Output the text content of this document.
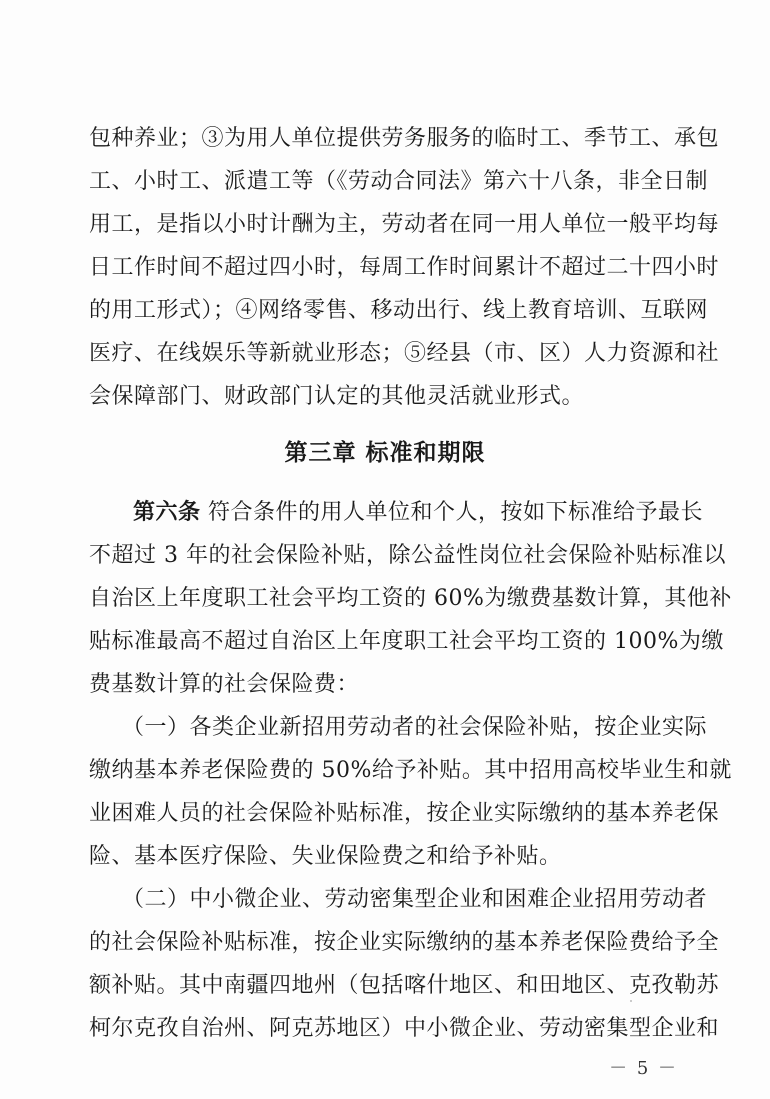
包种养业；③为用人单位提供劳务服务的临时工、季节工、承包
工、小时工、派遣工等（《劳动合同法》第六十八条，非全日制
用工，是指以小时计酬为主，劳动者在同一用人单位一般平均每
日工作时间不超过四小时，每周工作时间累计不超过二十四小时
的用工形式）；④网络零售、移动出行、线上教育培训、互联网
医疗、在线娱乐等新就业形态；⑤经县（市、区）人力资源和社
会保障部门、财政部门认定的其他灵活就业形式。
第三章 标准和期限
第六条 符合条件的用人单位和个人，按如下标准给予最长
不超过 3 年的社会保险补贴，除公益性岗位社会保险补贴标准以
自治区上年度职工社会平均工资的 60%为缴费基数计算，其他补
贴标准最高不超过自治区上年度职工社会平均工资的 100%为缴
费基数计算的社会保险费：
（一）各类企业新招用劳动者的社会保险补贴，按企业实际
缴纳基本养老保险费的 50%给予补贴。其中招用高校毕业生和就
业困难人员的社会保险补贴标准，按企业实际缴纳的基本养老保
险、基本医疗保险、失业保险费之和给予补贴。
（二）中小微企业、劳动密集型企业和困难企业招用劳动者
的社会保险补贴标准，按企业实际缴纳的基本养老保险费给予全
额补贴。其中南疆四地州（包括喀什地区、和田地区、克孜勒苏
柯尔克孜自治州、阿克苏地区）中小微企业、劳动密集型企业和
－ 5 －
